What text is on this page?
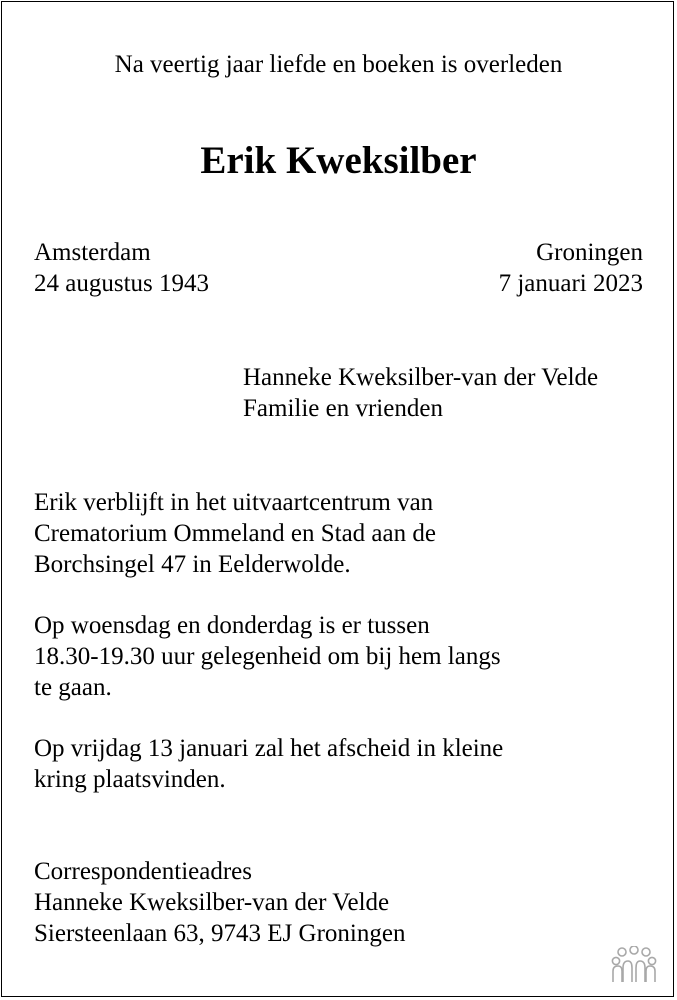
Na veertig jaar liefde en boeken is overleden
Erik Kweksilber
Amsterdam
24 augustus 1943
Groningen
7 januari 2023
Hanneke Kweksilber-van der Velde
Familie en vrienden
Erik verblijft in het uitvaartcentrum van
Crematorium Ommeland en Stad aan de
Borchsingel 47 in Eelderwolde.
Op woensdag en donderdag is er tussen
18.30-19.30 uur gelegenheid om bij hem langs
te gaan.
Op vrijdag 13 januari zal het afscheid in kleine
kring plaatsvinden.
Correspondentieadres
Hanneke Kweksilber-van der Velde
Siersteenlaan 63, 9743 EJ Groningen
